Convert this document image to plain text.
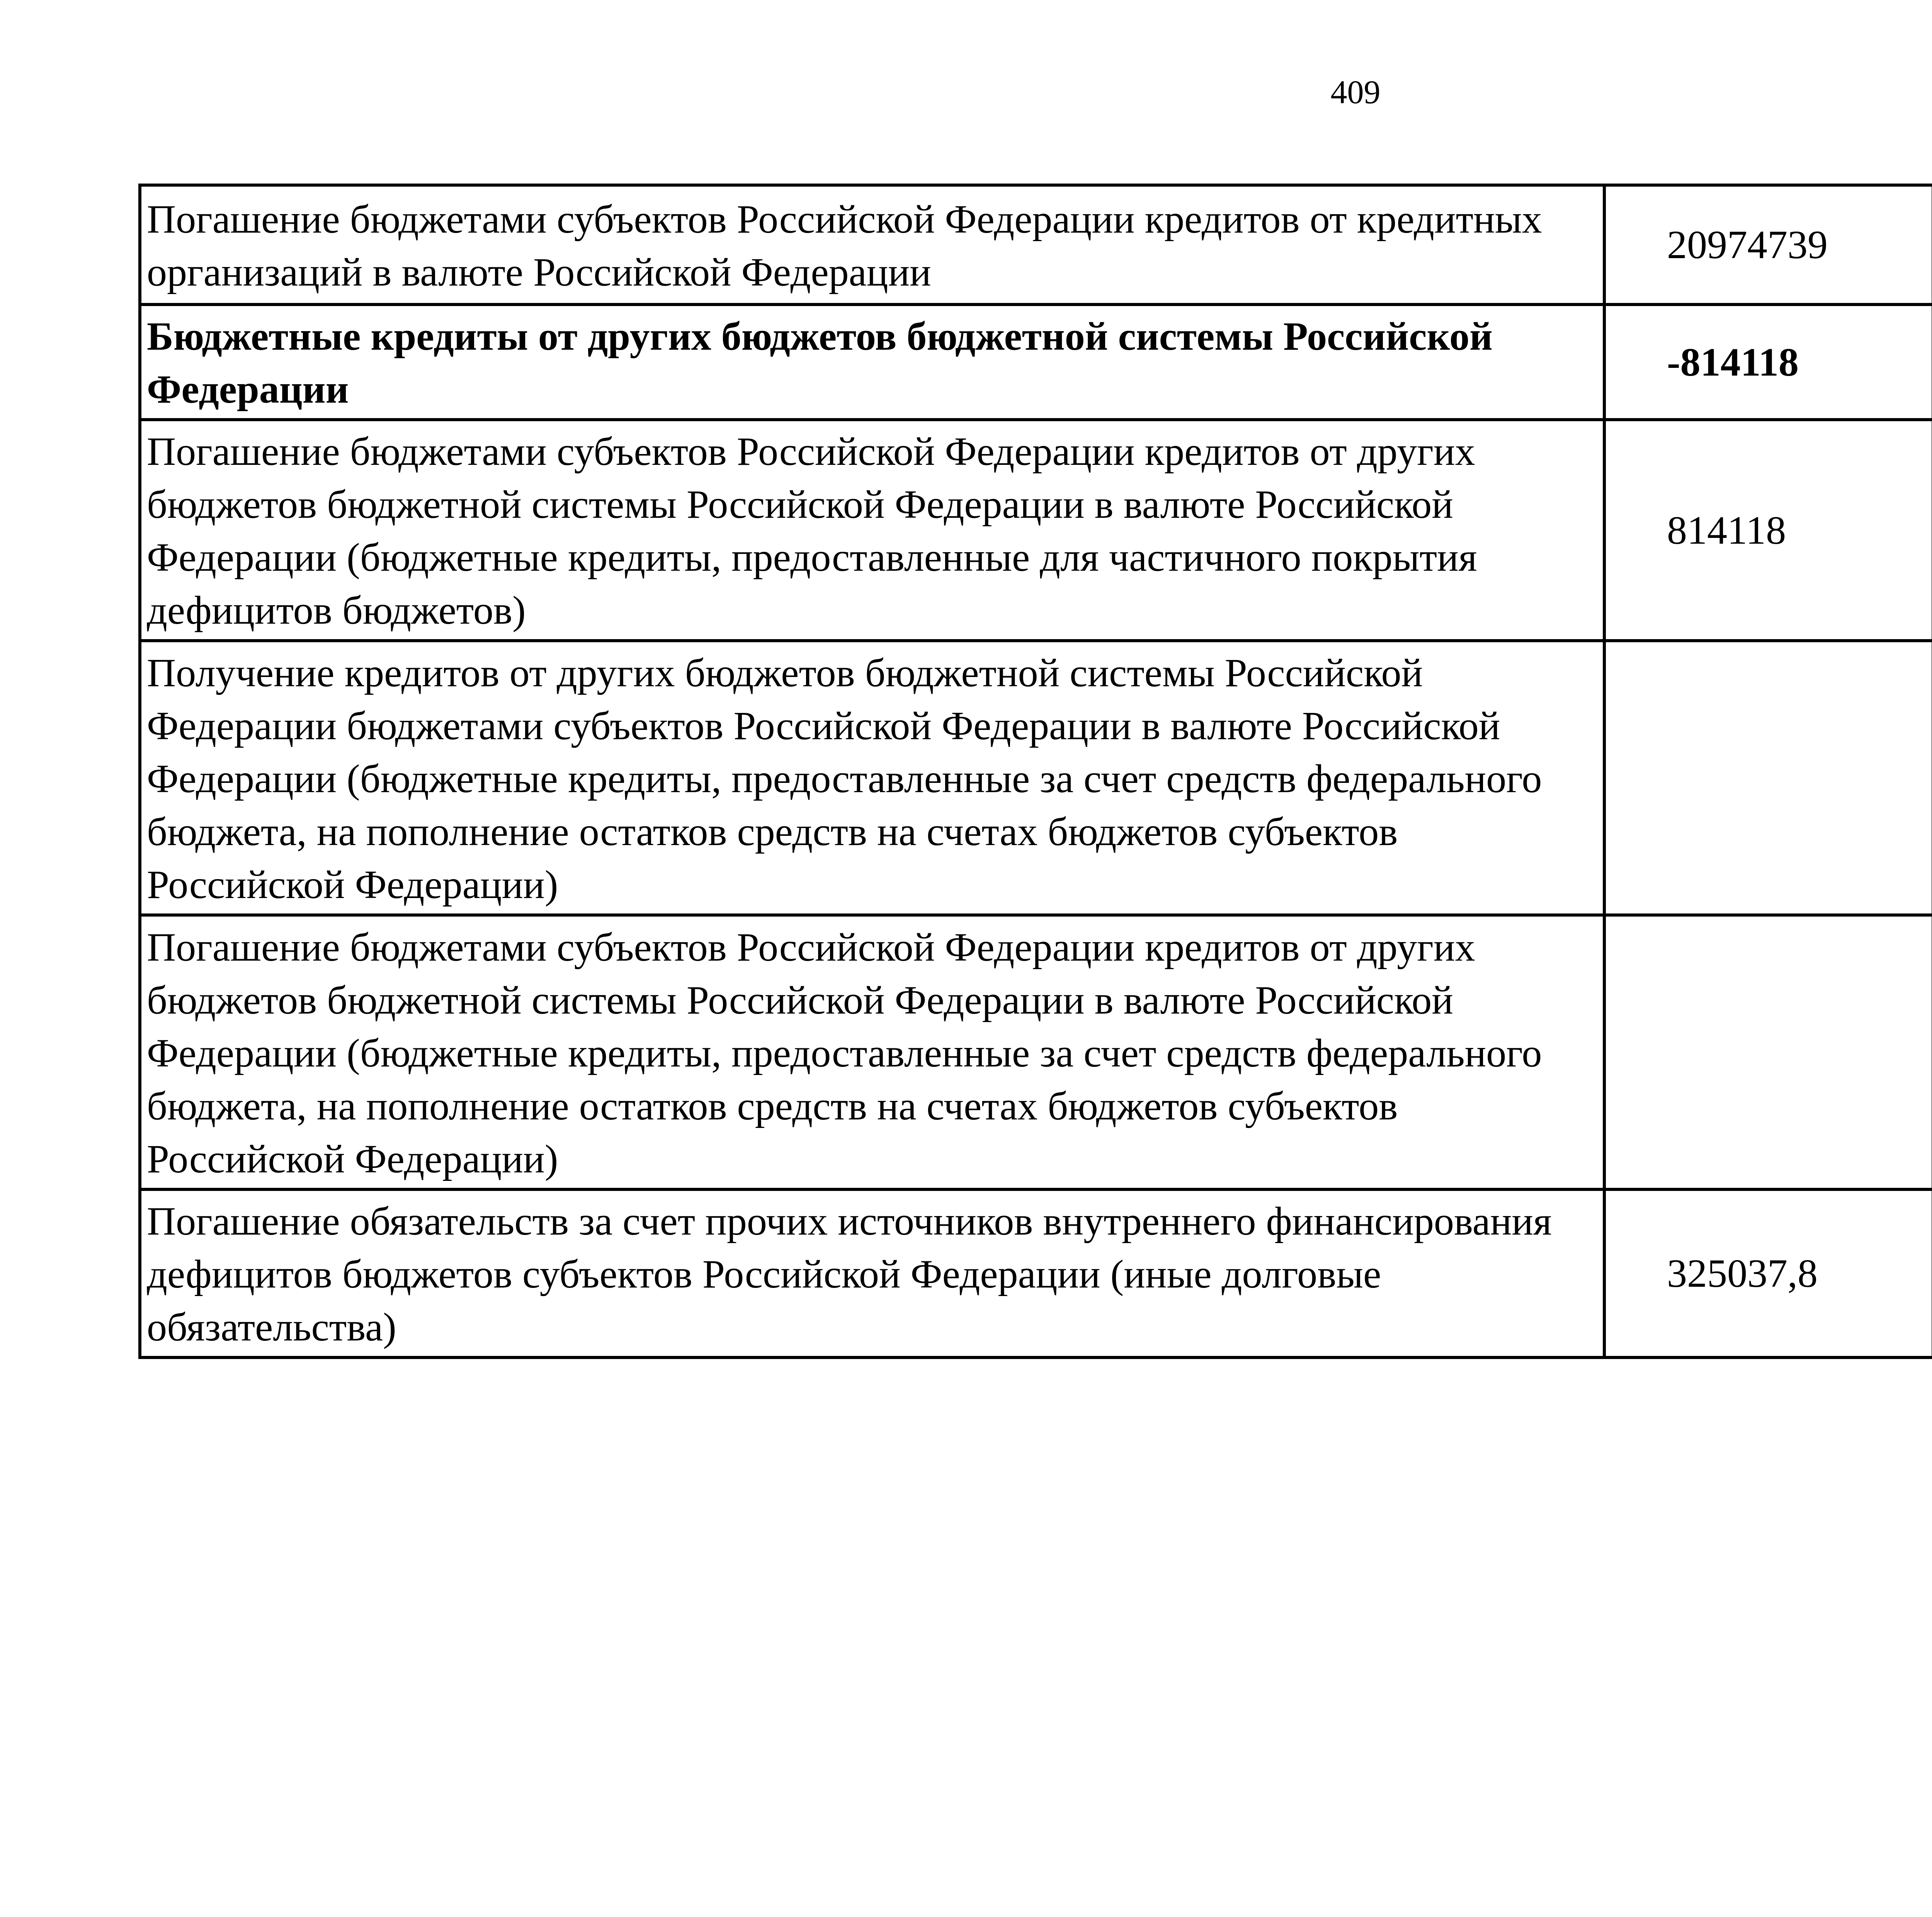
409
Погашение бюджетами субъектов Российской Федерации кредитов от кредитных организаций в валюте Российской Федерации	20974739		
Бюджетные кредиты от других бюджетов бюджетной системы Российской Федерации	-814118		
Погашение бюджетами субъектов Российской Федерации кредитов от других бюджетов бюджетной системы Российской Федерации в валюте Российской Федерации (бюджетные кредиты, предоставленные для частичного покрытия дефицитов бюджетов)	814118		
Получение кредитов от других бюджетов бюджетной системы Российской Федерации бюджетами субъектов Российской Федерации в валюте Российской Федерации (бюджетные кредиты, предоставленные за счет средств федерального бюджета, на пополнение остатков средств на счетах бюджетов субъектов Российской Федерации)			
Погашение бюджетами субъектов Российской Федерации кредитов от других бюджетов бюджетной системы Российской Федерации в валюте Российской Федерации (бюджетные кредиты, предоставленные за счет средств федерального бюджета, на пополнение остатков средств на счетах бюджетов субъектов Российской Федерации)			
Погашение обязательств за счет прочих источников внутреннего финансирования дефицитов бюджетов субъектов Российской Федерации (иные долговые обязательства)	325037,8		
